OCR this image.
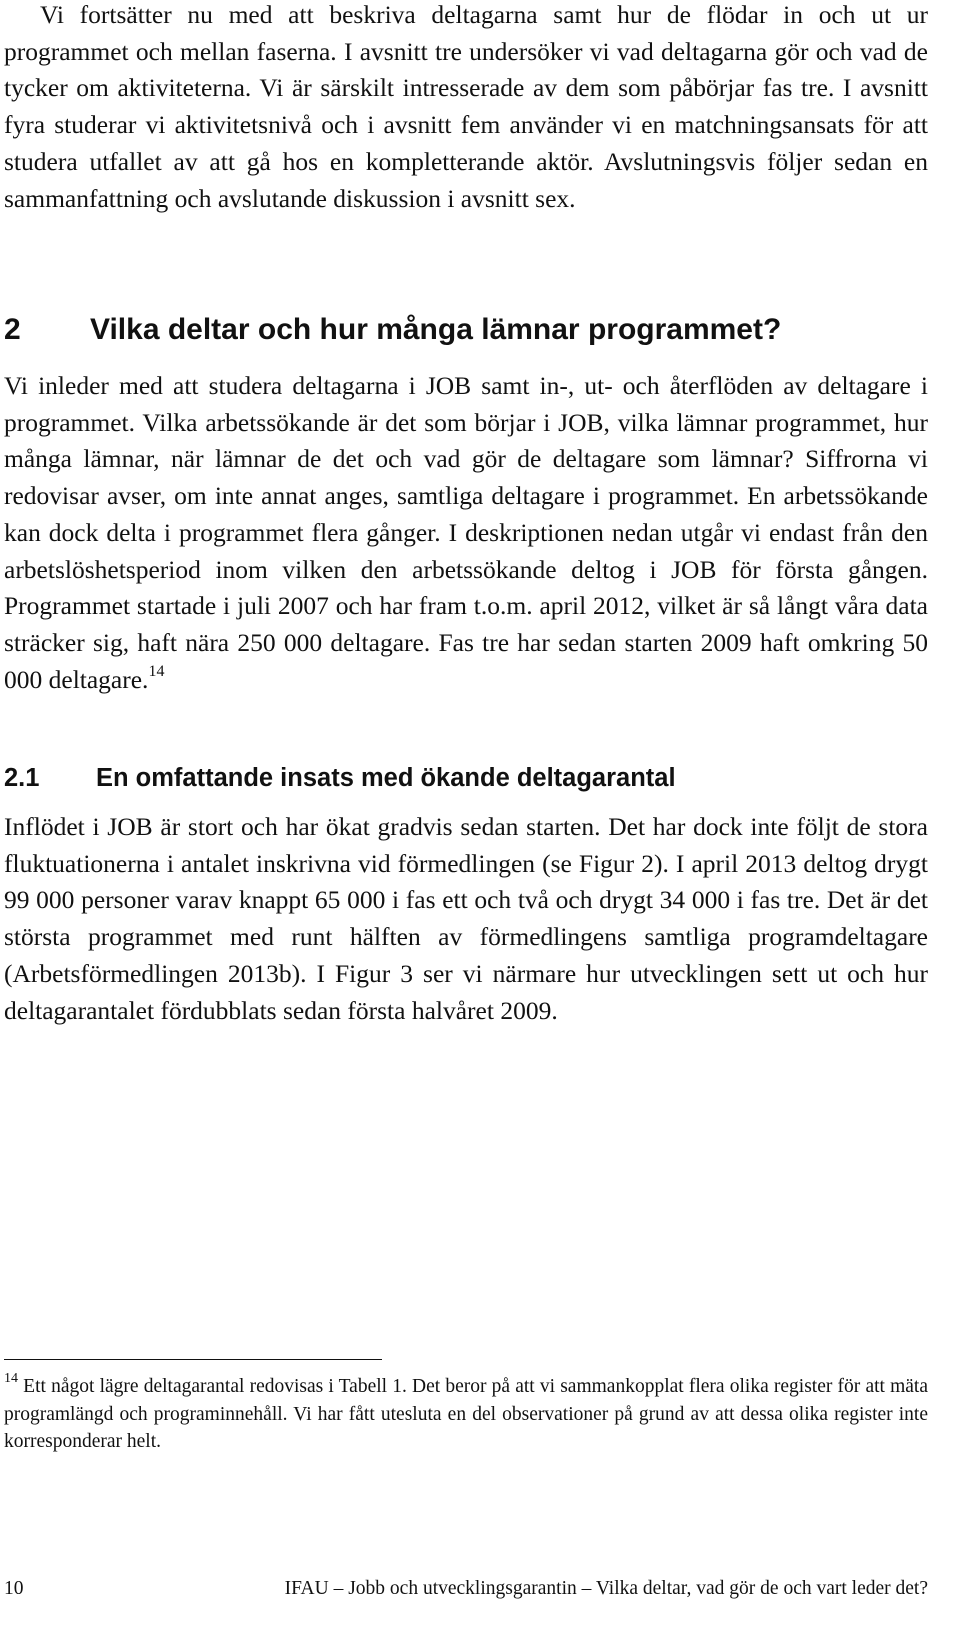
Vi fortsätter nu med att beskriva deltagarna samt hur de flödar in och ut ur programmet och mellan faserna. I avsnitt tre undersöker vi vad deltagarna gör och vad de tycker om aktiviteterna. Vi är särskilt intresserade av dem som påbörjar fas tre. I avsnitt fyra studerar vi aktivitetsnivå och i avsnitt fem använder vi en matchningsansats för att studera utfallet av att gå hos en kompletterande aktör. Avslutningsvis följer sedan en sammanfattning och avslutande diskussion i avsnitt sex.

2 Vilka deltar och hur många lämnar programmet?

Vi inleder med att studera deltagarna i JOB samt in-, ut- och återflöden av deltagare i programmet. Vilka arbetssökande är det som börjar i JOB, vilka lämnar programmet, hur många lämnar, när lämnar de det och vad gör de deltagare som lämnar? Siffrorna vi redovisar avser, om inte annat anges, samtliga deltagare i programmet. En arbetssökande kan dock delta i programmet flera gånger. I deskriptionen nedan utgår vi endast från den arbetslöshetsperiod inom vilken den arbetssökande deltog i JOB för första gången. Programmet startade i juli 2007 och har fram t.o.m. april 2012, vilket är så långt våra data sträcker sig, haft nära 250 000 deltagare. Fas tre har sedan starten 2009 haft omkring 50 000 deltagare.$^{14}$

2.1 En omfattande insats med ökande deltagarantal

Inflödet i JOB är stort och har ökat gradvis sedan starten. Det har dock inte följt de stora fluktuationerna i antalet inskrivna vid förmedlingen (se Figur 2). I april 2013 deltog drygt 99 000 personer varav knappt 65 000 i fas ett och två och drygt 34 000 i fas tre. Det är det största programmet med runt hälften av förmedlingens samtliga programdeltagare (Arbetsförmedlingen 2013b). I Figur 3 ser vi närmare hur utvecklingen sett ut och hur deltagarantalet fördubblats sedan första halvåret 2009.

$^{14}$ Ett något lägre deltagarantal redovisas i Tabell 1. Det beror på att vi sammankopplat flera olika register för att mäta programlängd och programinnehåll. Vi har fått utesluta en del observationer på grund av att dessa olika register inte korresponderar helt.

10	IFAU – Jobb och utvecklingsgarantin – Vilka deltar, vad gör de och vart leder det?
